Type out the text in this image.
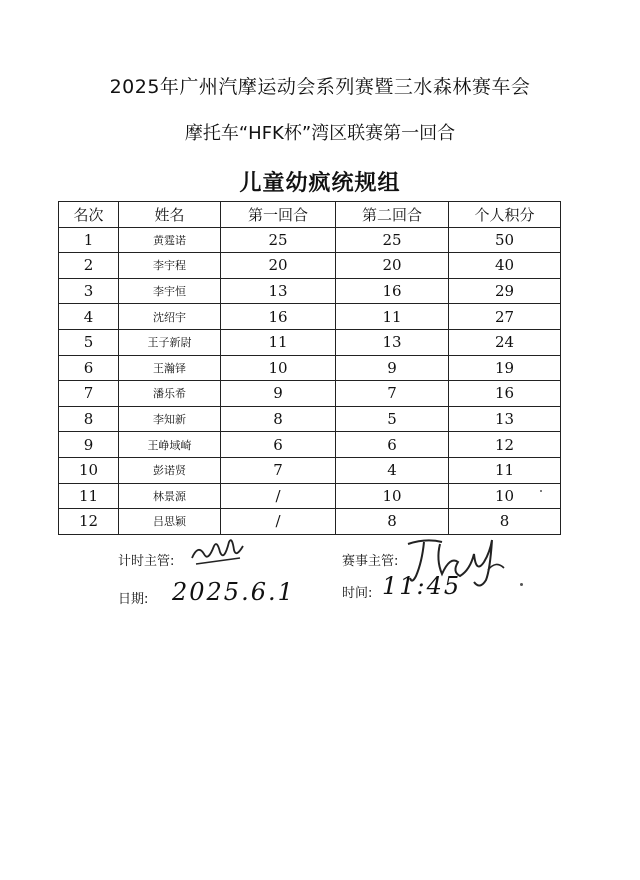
2025年广州汽摩运动会系列赛暨三水森林赛车会
摩托车“HFK杯”湾区联赛第一回合
儿童幼疯统规组
名次	姓名	第一回合	第二回合	个人积分
1	黄霆诺	25	25	50
2	李宇程	20	20	40
3	李宇恒	13	16	29
4	沈绍宇	16	11	27
5	王子新尉	11	13	24
6	王瀚铎	10	9	19
7	潘乐希	9	7	16
8	李知新	8	5	13
9	王峥域崎	6	6	12
10	彭诺贤	7	4	11
11	林景源	/	10	10
12	吕思颖	/	8	8
计时主管:	赛事主管:
日期: 2025.6.1	时间: 11:45
